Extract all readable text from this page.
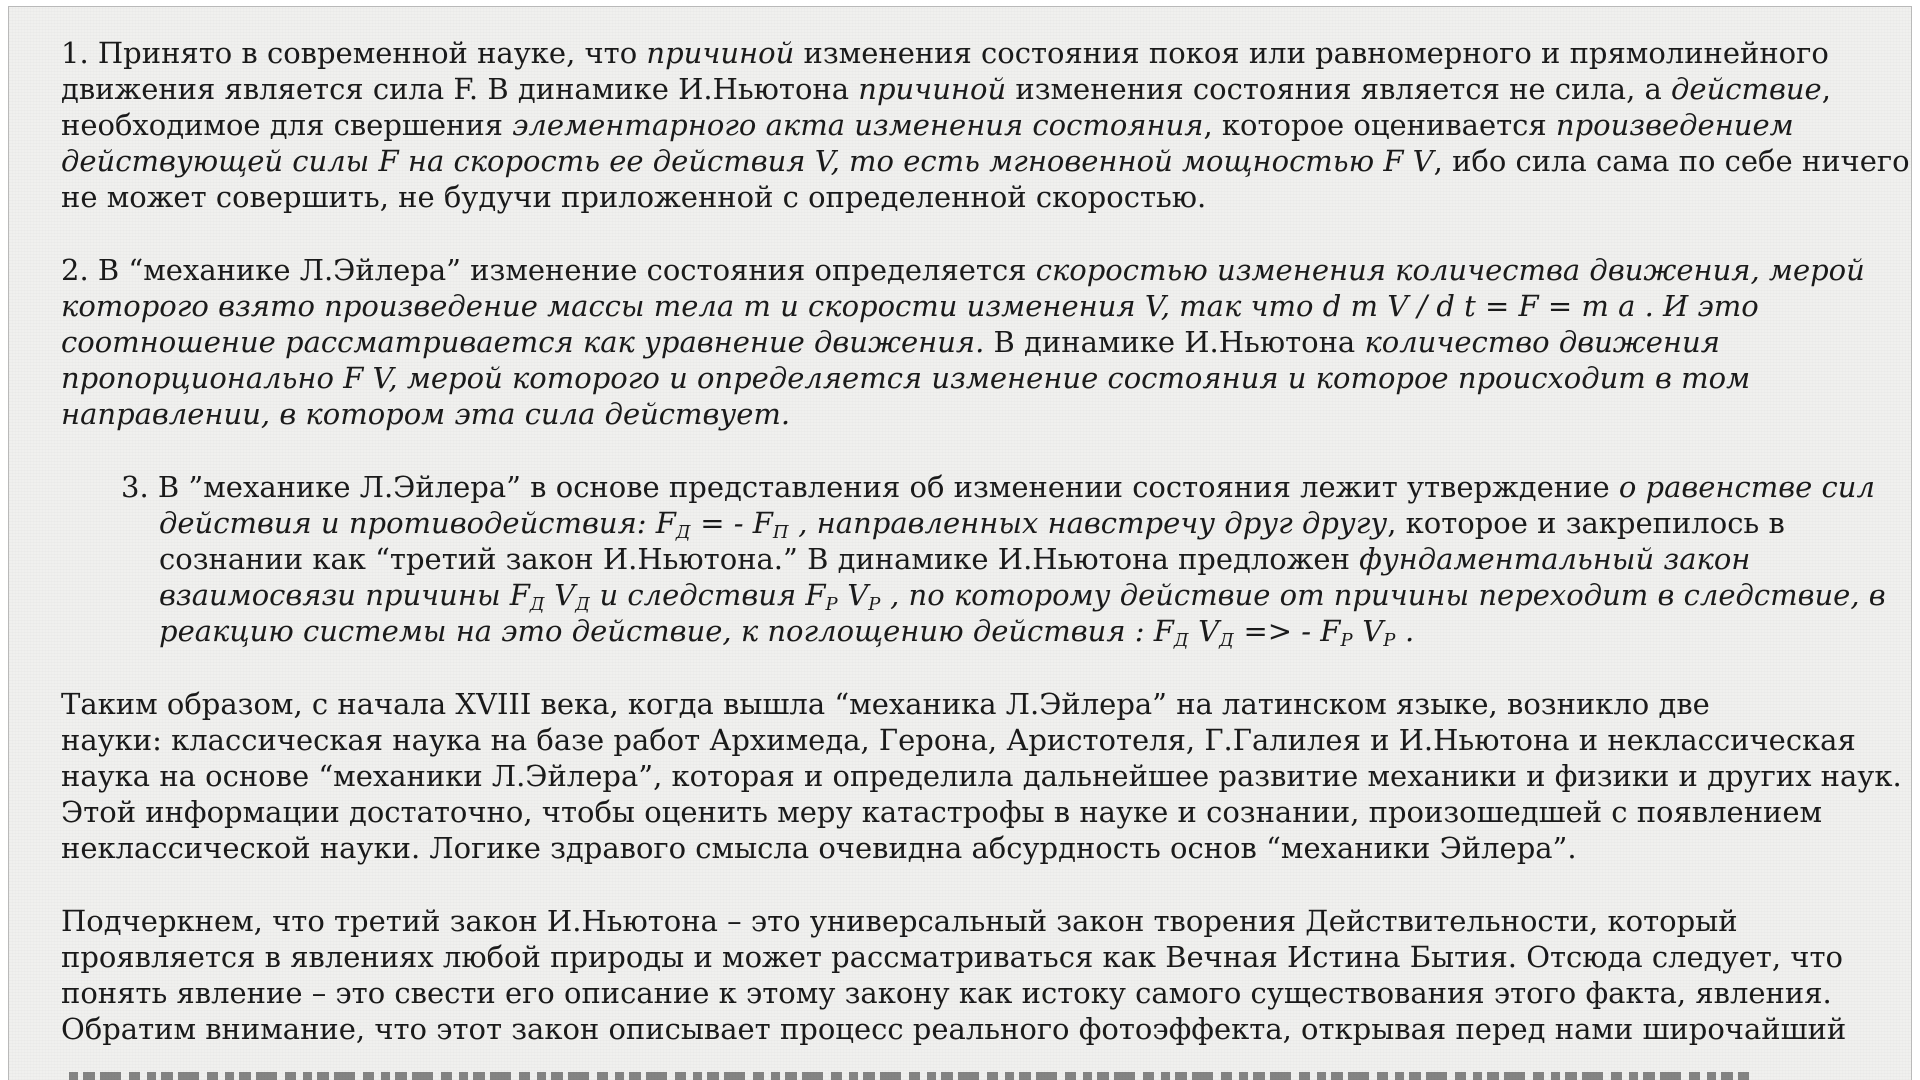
1. Принято в современной науке, что причиной изменения состояния покоя или равномерного и прямолинейного
движения является сила F. В динамике И.Ньютона причиной изменения состояния является не сила, а действие,
необходимое для свершения элементарного акта изменения состояния, которое оценивается произведением
действующей силы F на скорость ее действия V, то есть мгновенной мощностью F V, ибо сила сама по себе ничего
не может совершить, не будучи приложенной с определенной скоростью.
2. В “механике Л.Эйлера” изменение состояния определяется скоростью изменения количества движения, мерой
которого взято произведение массы тела m и скорости изменения V, так что d m V / d t = F = m a . И это
соотношение рассматривается как уравнение движения. В динамике И.Ньютона количество движения
пропорционально F V, мерой которого и определяется изменение состояния и которое происходит в том
направлении, в котором эта сила действует.
3. В ”механике Л.Эйлера” в основе представления об изменении состояния лежит утверждение о равенстве сил
действия и противодействия: FД = - FП , направленных навстречу друг другу, которое и закрепилось в
сознании как “третий закон И.Ньютона.” В динамике И.Ньютона предложен фундаментальный закон
взаимосвязи причины FД VД и следствия FP VP , по которому действие от причины переходит в следствие, в
реакцию системы на это действие, к поглощению действия : FД VД => - FP VP .
Таким образом, с начала XVIII века, когда вышла “механика Л.Эйлера” на латинском языке, возникло две
науки: классическая наука на базе работ Архимеда, Герона, Аристотеля, Г.Галилея и И.Ньютона и неклассическая
наука на основе “механики Л.Эйлера”, которая и определила дальнейшее развитие механики и физики и других наук.
Этой информации достаточно, чтобы оценить меру катастрофы в науке и сознании, произошедшей с появлением
неклассической науки. Логике здравого смысла очевидна абсурдность основ “механики Эйлера”.
Подчеркнем, что третий закон И.Ньютона – это универсальный закон творения Действительности, который
проявляется в явлениях любой природы и может рассматриваться как Вечная Истина Бытия. Отсюда следует, что
понять явление – это свести его описание к этому закону как истоку самого существования этого факта, явления.
Обратим внимание, что этот закон описывает процесс реального фотоэффекта, открывая перед нами широчайший
